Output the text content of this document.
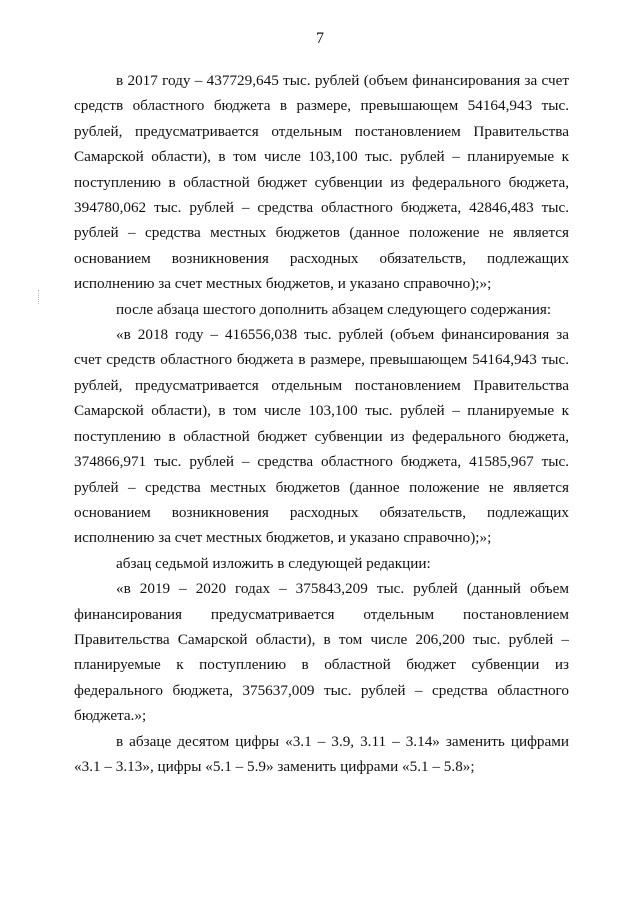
7

в 2017 году – 437729,645 тыс. рублей (объем финансирования за счет средств областного бюджета в размере, превышающем 54164,943 тыс. рублей, предусматривается отдельным постановлением Правительства Самарской области), в том числе 103,100 тыс. рублей – планируемые к поступлению в областной бюджет субвенции из федерального бюджета, 394780,062 тыс. рублей – средства областного бюджета, 42846,483 тыс. рублей – средства местных бюджетов (данное положение не является основанием возникновения расходных обязательств, подлежащих исполнению за счет местных бюджетов, и указано справочно);»;

после абзаца шестого дополнить абзацем следующего содержания:

«в 2018 году – 416556,038 тыс. рублей (объем финансирования за счет средств областного бюджета в размере, превышающем 54164,943 тыс. рублей, предусматривается отдельным постановлением Правительства Самарской области), в том числе 103,100 тыс. рублей – планируемые к поступлению в областной бюджет субвенции из федерального бюджета, 374866,971 тыс. рублей – средства областного бюджета, 41585,967 тыс. рублей – средства местных бюджетов (данное положение не является основанием возникновения расходных обязательств, подлежащих исполнению за счет местных бюджетов, и указано справочно);»;

абзац седьмой изложить в следующей редакции:

«в 2019 – 2020 годах – 375843,209 тыс. рублей (данный объем финансирования предусматривается отдельным постановлением Правительства Самарской области), в том числе 206,200 тыс. рублей – планируемые к поступлению в областной бюджет субвенции из федерального бюджета, 375637,009 тыс. рублей – средства областного бюджета.»;

в абзаце десятом цифры «3.1 – 3.9, 3.11 – 3.14» заменить цифрами «3.1 – 3.13», цифры «5.1 – 5.9» заменить цифрами «5.1 – 5.8»;
